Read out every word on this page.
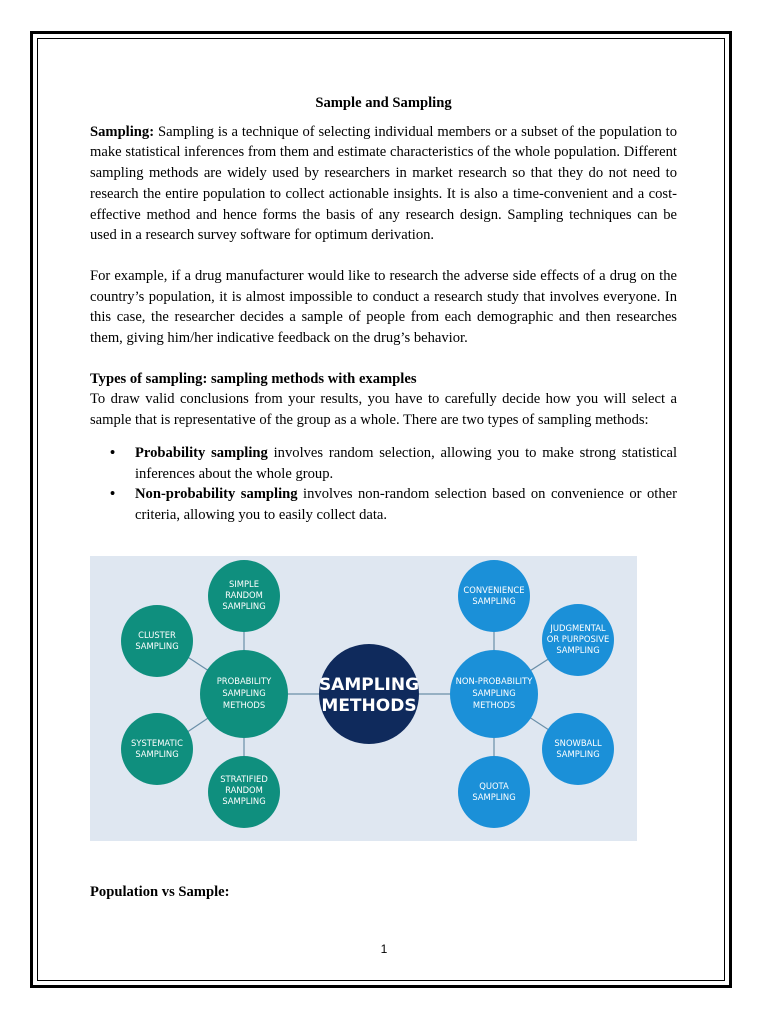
Sample and Sampling

Sampling: Sampling is a technique of selecting individual members or a subset of the population to make statistical inferences from them and estimate characteristics of the whole population. Different sampling methods are widely used by researchers in market research so that they do not need to research the entire population to collect actionable insights. It is also a time-convenient and a cost-effective method and hence forms the basis of any research design. Sampling techniques can be used in a research survey software for optimum derivation.

For example, if a drug manufacturer would like to research the adverse side effects of a drug on the country’s population, it is almost impossible to conduct a research study that involves everyone. In this case, the researcher decides a sample of people from each demographic and then researches them, giving him/her indicative feedback on the drug’s behavior.

Types of sampling: sampling methods with examples

To draw valid conclusions from your results, you have to carefully decide how you will select a sample that is representative of the group as a whole. There are two types of sampling methods:

• Probability sampling involves random selection, allowing you to make strong statistical inferences about the whole group.
• Non-probability sampling involves non-random selection based on convenience or other criteria, allowing you to easily collect data.
SIMPLE
RANDOM
SAMPLING
CLUSTER
SAMPLING
SYSTEMATIC
SAMPLING
STRATIFIED
RANDOM
SAMPLING
PROBABILITY
SAMPLING
METHODS
SAMPLING
METHODS
NON-PROBABILITY
SAMPLING
METHODS
CONVENIENCE
SAMPLING
JUDGMENTAL
OR PURPOSIVE
SAMPLING
SNOWBALL
SAMPLING
QUOTA
SAMPLING
Population vs Sample:
1
